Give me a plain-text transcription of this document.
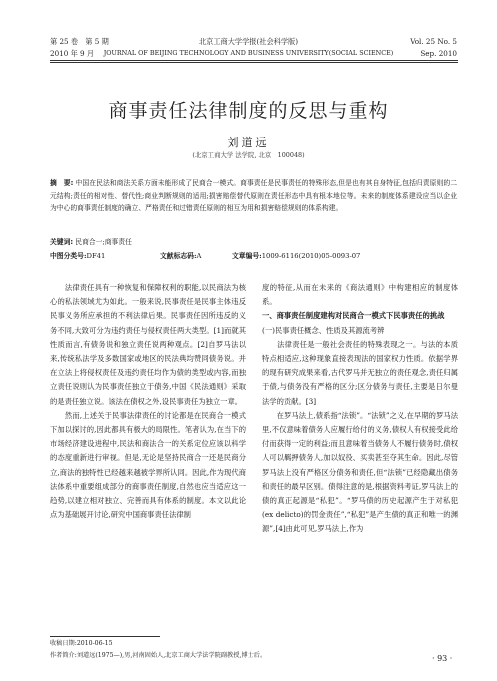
第 25 卷　第 5 期	北京工商大学学报(社会科学版)	Vol. 25 No. 5
2010 年 9 月	JOURNAL OF BEIJING TECHNOLOGY AND BUSINESS UNIVERSITY(SOCIAL SCIENCE)	Sep. 2010
商事责任法律制度的反思与重构
刘道远
(北京工商大学 法学院, 北京　100048)
摘　要: 中国在民法和商法关系方面未能形成了民商合一模式。商事责任是民事责任的特殊形态,但是也有其自身特征,包括归责原则的二元结构;责任的相对性、替代性;商业判断规则的适用;损害赔偿替代原则在责任形态中具有根本地位等。未来的制度体系建设应当以企业为中心的商事责任制度的确立、严格责任和过错责任原则的相互为用和损害赔偿规则的体系构建。
关键词: 民商合一;商事责任
中图分类号:DF41	文献标志码:A	文章编号:1009-6116(2010)05-0093-07

　　法律责任具有一种恢复和保障权利的职能,以民商法为核心的私法领域尤为如此。一般来说,民事责任是民事主体违反民事义务所应承担的不利法律后果。民事责任因所违反的义务不同,大致可分为违约责任与侵权责任两大类型。[1]而就其性质而言,有债务说和独立责任说两种观点。[2]自罗马法以来,传统私法学及多数国家或地区的民法典均赞同债务说。并在立法上将侵权责任及违约责任均作为债的类型或内容,而独立责任说则认为民事责任独立于债务,中国《民法通则》采取的是责任独立说。该法在债权之外,设民事责任为独立一章。

　　然而,上述关于民事法律责任的讨论都是在民商合一模式下加以探讨的,因此都具有极大的局限性。笔者认为,在当下的市场经济建设进程中,民法和商法合一的关系定位应该以科学的态度重新进行审视。但是,无论是坚持民商合一还是民商分立,商法的独特性已经越来越被学界所认同。因此,作为现代商法体系中重要组成部分的商事责任制度,自然也应当适应这一趋势,以建立相对独立、完善而具有体系的制度。本文以此论点为基础展开讨论,研究中国商事责任法律制

度的特征,从而在未来的《商法通则》中构建相应的制度体系。

一、商事责任制度建构对民商合一模式下民事责任的挑战

(一)民事责任概念、性质及其源流考辨

　　法律责任是一般社会责任的特殊表现之一。与法的本质特点相适应,这种现象直接表现法的国家权力性质。依据学界的现有研究成果来看,古代罗马并无独立的责任观念,责任归属于债,与债务没有严格的区分;区分债务与责任,主要是日尔曼法学的贡献。[3]

　　在罗马法上,债系指“法锁”。“法锁”之义,在早期的罗马法里,不仅意味着债务人应履行给付的义务,债权人有权接受此给付而获得一定的利益;而且意味着当债务人不履行债务时,债权人可以羁押债务人,加以奴役、买卖甚至夺其生命。因此,尽管罗马法上没有严格区分债务和责任,但“法锁”已经隐藏出债务和责任的最早区别。债得注意的是,根据资料考证,罗马法上的债的真正起源是“私犯”。“罗马债的历史起源产生于对私犯(ex delicto)的罚金责任”,“私犯”是产生债的真正和唯一的渊源”,[4]由此可见,罗马法上,作为

收稿日期:2010-06-15
作者简介:刘道远(1975—),男,河南固始人,北京工商大学法学院副教授,博士后。	· 93 ·
